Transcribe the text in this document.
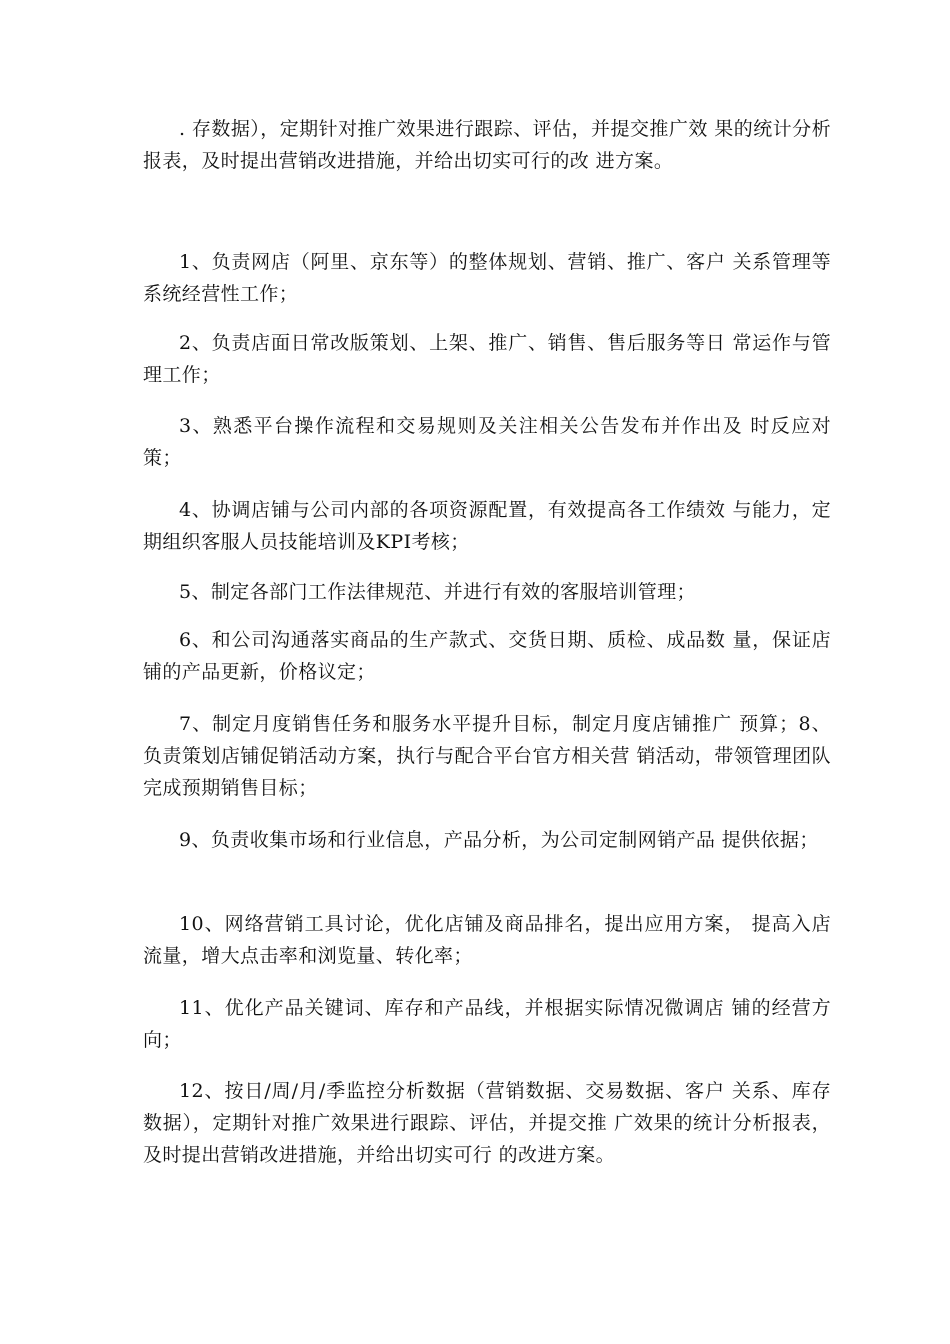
. 存数据），定期针对推广效果进行跟踪、评估，并提交推广效 果的统计分析报表，及时提出营销改进措施，并给出切实可行的改 进方案。

1、负责网店（阿里、京东等）的整体规划、营销、推广、客户 关系管理等系统经营性工作；

2、负责店面日常改版策划、上架、推广、销售、售后服务等日 常运作与管理工作；

3、熟悉平台操作流程和交易规则及关注相关公告发布并作出及 时反应对策；

4、协调店铺与公司内部的各项资源配置，有效提高各工作绩效 与能力，定期组织客服人员技能培训及KPI考核；

5、制定各部门工作法律规范、并进行有效的客服培训管理；

6、和公司沟通落实商品的生产款式、交货日期、质检、成品数 量，保证店铺的产品更新，价格议定；

7、制定月度销售任务和服务水平提升目标，制定月度店铺推广 预算；8、负责策划店铺促销活动方案，执行与配合平台官方相关营 销活动，带领管理团队完成预期销售目标；

9、负责收集市场和行业信息，产品分析，为公司定制网销产品 提供依据；

10、网络营销工具讨论，优化店铺及商品排名，提出应用方案， 提高入店流量，增大点击率和浏览量、转化率；

11、优化产品关键词、库存和产品线，并根据实际情况微调店 铺的经营方向；

12、按日/周/月/季监控分析数据（营销数据、交易数据、客户 关系、库存数据），定期针对推广效果进行跟踪、评估，并提交推 广效果的统计分析报表，及时提出营销改进措施，并给出切实可行 的改进方案。
